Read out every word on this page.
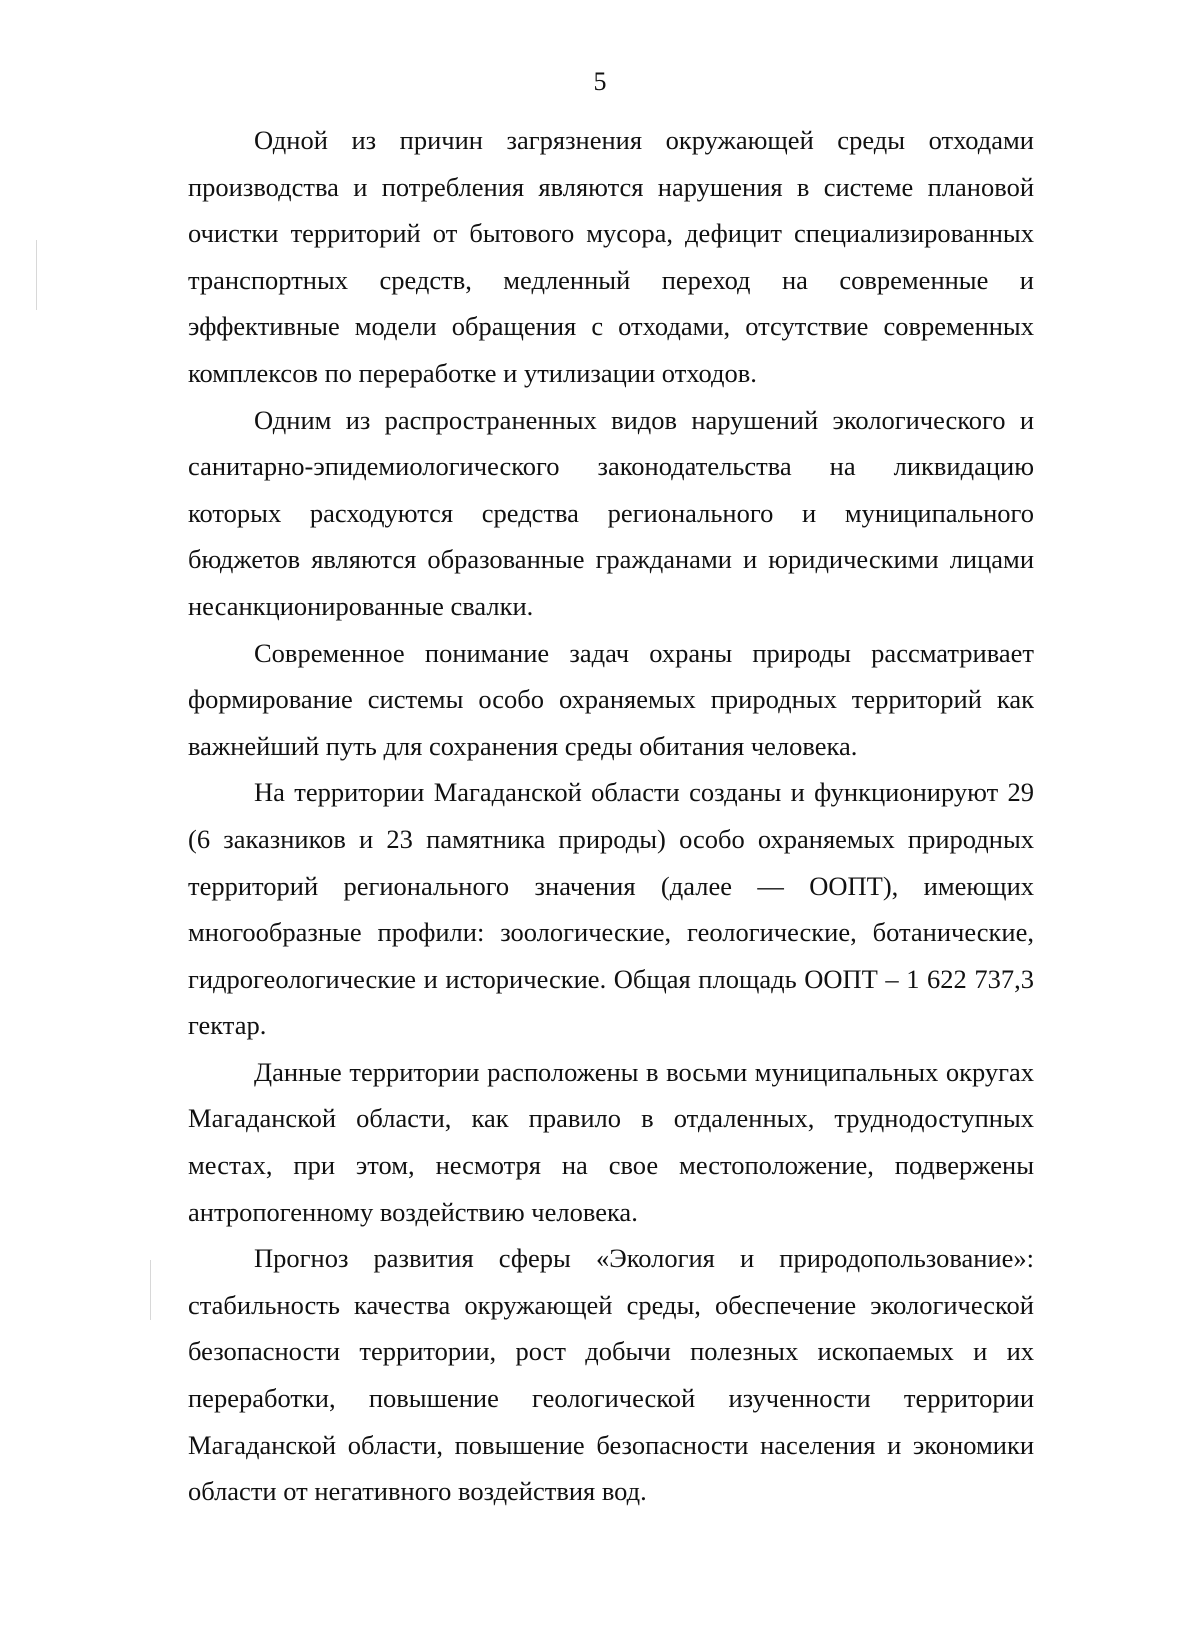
5

Одной из причин загрязнения окружающей среды отходами производства и потребления являются нарушения в системе плановой очистки территорий от бытового мусора, дефицит специализированных транспортных средств, медленный переход на современные и эффективные модели обращения с отходами, отсутствие современных комплексов по переработке и утилизации отходов.

Одним из распространенных видов нарушений экологического и санитарно-эпидемиологического законодательства на ликвидацию которых расходуются средства регионального и муниципального бюджетов являются образованные гражданами и юридическими лицами несанкционированные свалки.

Современное понимание задач охраны природы рассматривает формирование системы особо охраняемых природных территорий как важнейший путь для сохранения среды обитания человека.

На территории Магаданской области созданы и функционируют 29 (6 заказников и 23 памятника природы) особо охраняемых природных территорий регионального значения (далее — ООПТ), имеющих многообразные профили: зоологические, геологические, ботанические, гидрогеологические и исторические. Общая площадь ООПТ – 1 622 737,3 гектар.

Данные территории расположены в восьми муниципальных округах Магаданской области, как правило в отдаленных, труднодоступных местах, при этом, несмотря на свое местоположение, подвержены антропогенному воздействию человека.

Прогноз развития сферы «Экология и природопользование»: стабильность качества окружающей среды, обеспечение экологической безопасности территории, рост добычи полезных ископаемых и их переработки, повышение геологической изученности территории Магаданской области, повышение безопасности населения и экономики области от негативного воздействия вод.
